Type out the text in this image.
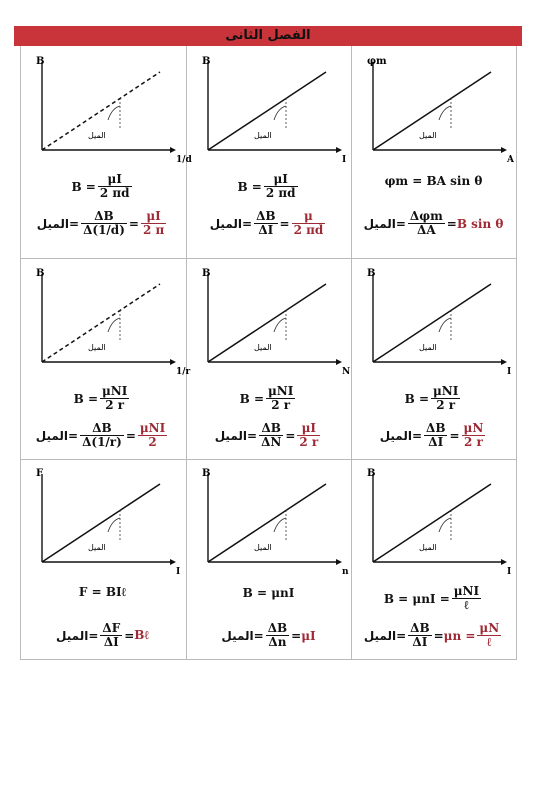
الفصل الثانى
B
1/d
الميل
$B = \frac{\mu I}{2 \pi d}$
الميل= $\frac{\Delta B}{\Delta(1/d)} = \frac{\mu I}{2 \pi}$
B
I
الميل
$B = \frac{\mu I}{2 \pi d}$
الميل= $\frac{\Delta B}{\Delta I} = \frac{\mu}{2 \pi d}$
φm
A
الميل
φm = BA sin θ
الميل= $\frac{\text{Δφm}}{\Delta A} =B$ sin θ
B
1/r
الميل
$B = \frac{\text{μNI}}{2 r}$
الميل= $\frac{\Delta B}{\Delta(1/r)} = \frac{\text{μNI}}{2}$
B
N
الميل
$B = \frac{\text{μNI}}{2 r}$
الميل= $\frac{\Delta B}{\Delta N} = \frac{\mu I}{2 r}$
B
I
الميل
$B = \frac{\text{μNI}}{2 r}$
الميل= $\frac{\Delta B}{\Delta I} = \frac{\mu N}{2 r}$
F
I
الميل
F = BIℓ
الميل= $\frac{\Delta F}{\Delta I}$ =Bℓ
B
n
الميل
B = μnI
الميل= $\frac{\Delta B}{\Delta n} =\mu I$
B
I
الميل
$B = \mu nI = \frac{\text{μNI}}{\text{ℓ}}$
الميل= $\frac{\Delta B}{\Delta I} =\mu n = \frac{\mu N}{\text{ℓ}}$
